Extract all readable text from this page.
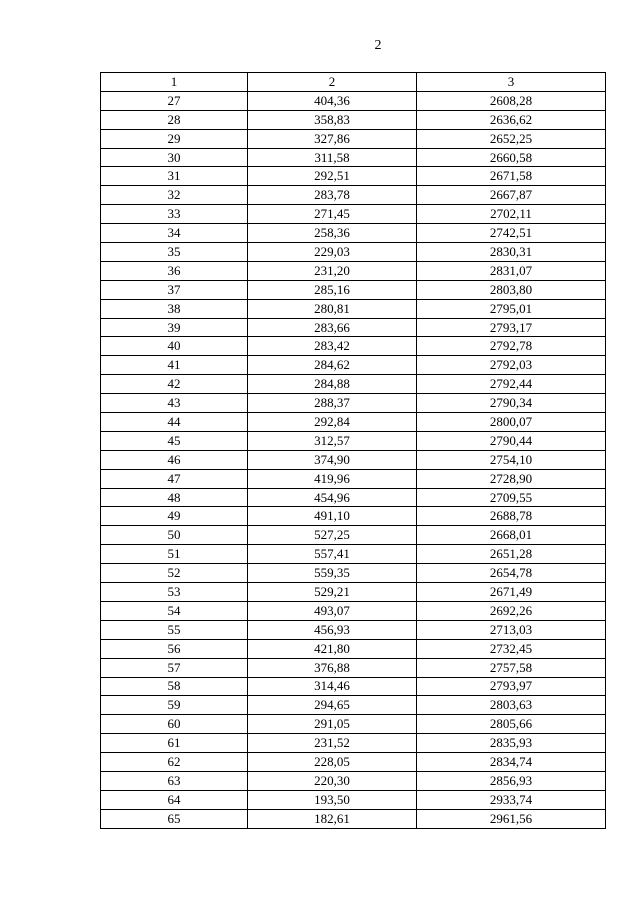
2
1	2	3
27	404,36	2608,28
28	358,83	2636,62
29	327,86	2652,25
30	311,58	2660,58
31	292,51	2671,58
32	283,78	2667,87
33	271,45	2702,11
34	258,36	2742,51
35	229,03	2830,31
36	231,20	2831,07
37	285,16	2803,80
38	280,81	2795,01
39	283,66	2793,17
40	283,42	2792,78
41	284,62	2792,03
42	284,88	2792,44
43	288,37	2790,34
44	292,84	2800,07
45	312,57	2790,44
46	374,90	2754,10
47	419,96	2728,90
48	454,96	2709,55
49	491,10	2688,78
50	527,25	2668,01
51	557,41	2651,28
52	559,35	2654,78
53	529,21	2671,49
54	493,07	2692,26
55	456,93	2713,03
56	421,80	2732,45
57	376,88	2757,58
58	314,46	2793,97
59	294,65	2803,63
60	291,05	2805,66
61	231,52	2835,93
62	228,05	2834,74
63	220,30	2856,93
64	193,50	2933,74
65	182,61	2961,56
